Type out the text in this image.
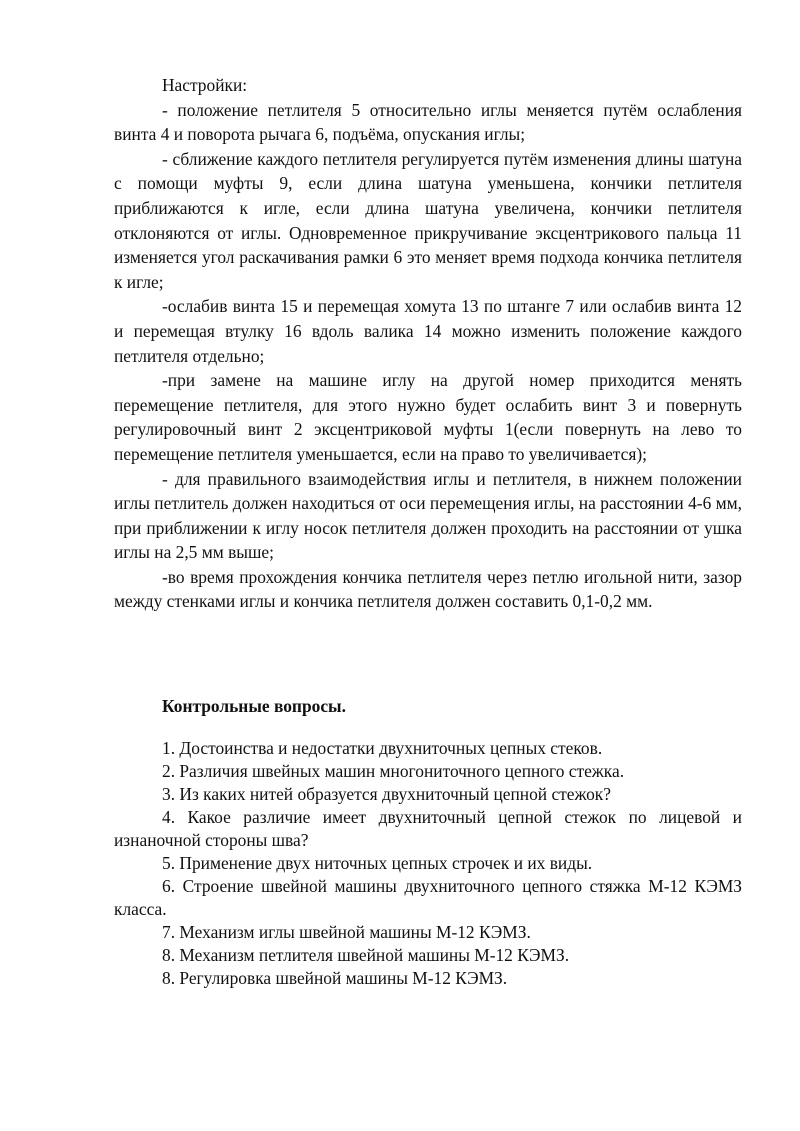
Настройки:

- положение петлителя 5 относительно иглы меняется путём ослабления винта 4 и поворота рычага 6, подъёма, опускания иглы;

- сближение каждого петлителя регулируется путём изменения длины шатуна с помощи муфты 9, если длина шатуна уменьшена, кончики петлителя приближаются к игле, если длина шатуна увеличена, кончики петлителя отклоняются от иглы. Одновременное прикручивание эксцентрикового пальца 11 изменяется угол раскачивания рамки 6 это меняет время подхода кончика петлителя к игле;

-ослабив винта 15 и перемещая хомута 13 по штанге 7 или ослабив винта 12 и перемещая втулку 16 вдоль валика 14 можно изменить положение каждого петлителя отдельно;

-при замене на машине иглу на другой номер приходится менять перемещение петлителя, для этого нужно будет ослабить винт 3 и повернуть регулировочный винт 2 эксцентриковой муфты 1(если повернуть на лево то перемещение петлителя уменьшается, если на право то увеличивается);

- для правильного взаимодействия иглы и петлителя, в нижнем положении иглы петлитель должен находиться от оси перемещения иглы, на расстоянии 4-6 мм, при приближении к иглу носок петлителя должен проходить на расстоянии от ушка иглы на 2,5 мм выше;

-во время прохождения кончика петлителя через петлю игольной нити, зазор между стенками иглы и кончика петлителя должен составить 0,1-0,2 мм.

Контрольные вопросы.

1. Достоинства и недостатки двухниточных цепных стеков.

2. Различия швейных машин многониточного цепного стежка.

3. Из каких нитей образуется двухниточный цепной стежок?

4. Какое различие имеет двухниточный цепной стежок по лицевой и изнаночной стороны шва?

5. Применение двух ниточных цепных строчек и их виды.

6. Строение швейной машины двухниточного цепного стяжка М-12 КЭМЗ класса.

7. Механизм иглы швейной машины М-12 КЭМЗ.

8. Механизм петлителя швейной машины М-12 КЭМЗ.

8. Регулировка швейной машины М-12 КЭМЗ.
